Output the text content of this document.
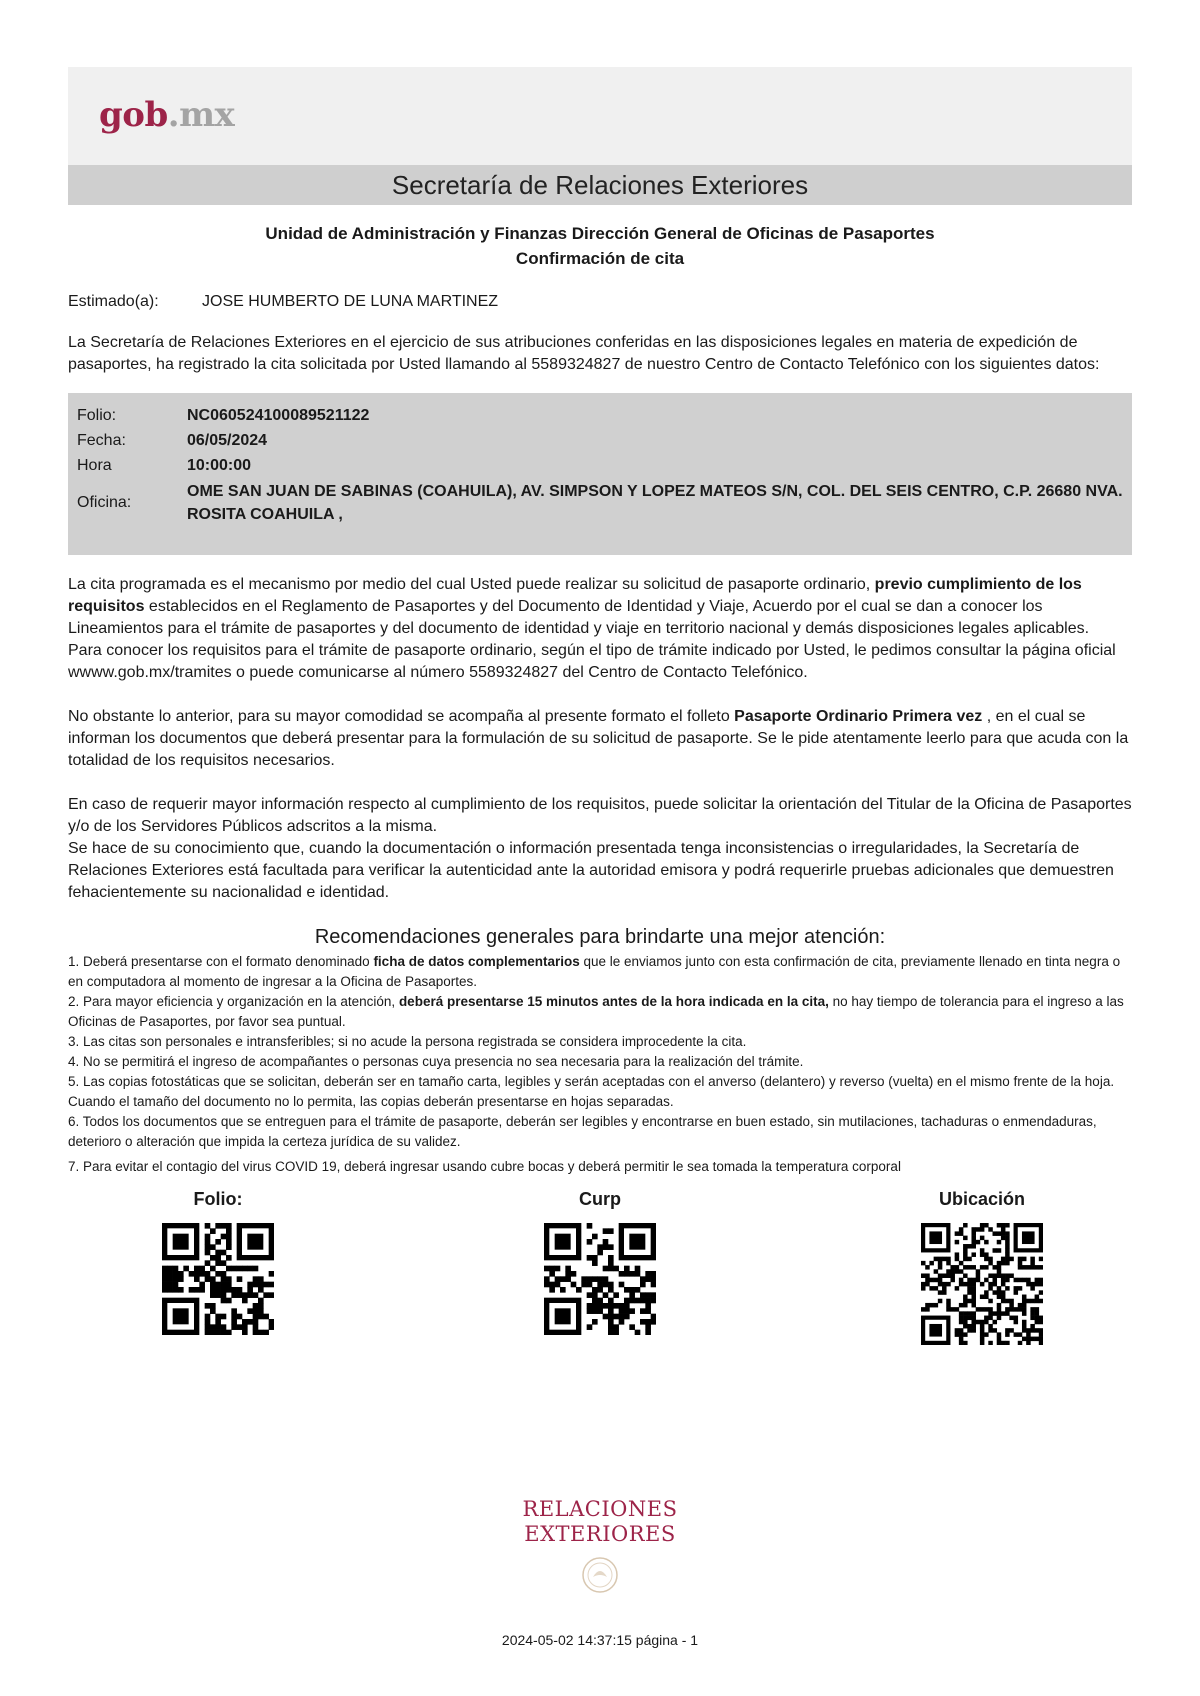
gob.mx
Secretaría de Relaciones Exteriores
Unidad de Administración y Finanzas Dirección General de Oficinas de Pasaportes
Confirmación de cita
Estimado(a):	JOSE HUMBERTO DE LUNA MARTINEZ

La Secretaría de Relaciones Exteriores en el ejercicio de sus atribuciones conferidas en las disposiciones legales en materia de expedición de pasaportes, ha registrado la cita solicitada por Usted llamando al 5589324827 de nuestro Centro de Contacto Telefónico con los siguientes datos:

Folio:	NC060524100089521122
Fecha:	06/05/2024
Hora	10:00:00
Oficina:
OME SAN JUAN DE SABINAS (COAHUILA), AV. SIMPSON Y LOPEZ MATEOS S/N, COL. DEL SEIS CENTRO, C.P. 26680 NVA. ROSITA COAHUILA ,

La cita programada es el mecanismo por medio del cual Usted puede realizar su solicitud de pasaporte ordinario, previo cumplimiento de los requisitos establecidos en el Reglamento de Pasaportes y del Documento de Identidad y Viaje, Acuerdo por el cual se dan a conocer los Lineamientos para el trámite de pasaportes y del documento de identidad y viaje en territorio nacional y demás disposiciones legales aplicables.

Para conocer los requisitos para el trámite de pasaporte ordinario, según el tipo de trámite indicado por Usted, le pedimos consultar la página oficial wwww.gob.mx/tramites o puede comunicarse al número 5589324827 del Centro de Contacto Telefónico.

No obstante lo anterior, para su mayor comodidad se acompaña al presente formato el folleto Pasaporte Ordinario Primera vez , en el cual se informan los documentos que deberá presentar para la formulación de su solicitud de pasaporte. Se le pide atentamente leerlo para que acuda con la totalidad de los requisitos necesarios.

En caso de requerir mayor información respecto al cumplimiento de los requisitos, puede solicitar la orientación del Titular de la Oficina de Pasaportes y/o de los Servidores Públicos adscritos a la misma.

Se hace de su conocimiento que, cuando la documentación o información presentada tenga inconsistencias o irregularidades, la Secretaría de Relaciones Exteriores está facultada para verificar la autenticidad ante la autoridad emisora y podrá requerirle pruebas adicionales que demuestren fehacientemente su nacionalidad e identidad.

Recomendaciones generales para brindarte una mejor atención:
1. Deberá presentarse con el formato denominado ficha de datos complementarios que le enviamos junto con esta confirmación de cita, previamente llenado en tinta negra o en computadora al momento de ingresar a la Oficina de Pasaportes.
2. Para mayor eficiencia y organización en la atención, deberá presentarse 15 minutos antes de la hora indicada en la cita, no hay tiempo de tolerancia para el ingreso a las Oficinas de Pasaportes, por favor sea puntual.
3. Las citas son personales e intransferibles; si no acude la persona registrada se considera improcedente la cita.
4. No se permitirá el ingreso de acompañantes o personas cuya presencia no sea necesaria para la realización del trámite.
5. Las copias fotostáticas que se solicitan, deberán ser en tamaño carta, legibles y serán aceptadas con el anverso (delantero) y reverso (vuelta) en el mismo frente de la hoja. Cuando el tamaño del documento no lo permita, las copias deberán presentarse en hojas separadas.
6. Todos los documentos que se entreguen para el trámite de pasaporte, deberán ser legibles y encontrarse en buen estado, sin mutilaciones, tachaduras o enmendaduras, deterioro o alteración que impida la certeza jurídica de su validez.
7. Para evitar el contagio del virus COVID 19, deberá ingresar usando cubre bocas y deberá permitir le sea tomada la temperatura corporal
Folio:	Curp	Ubicación
RELACIONES
EXTERIORES
2024-05-02 14:37:15 página - 1
